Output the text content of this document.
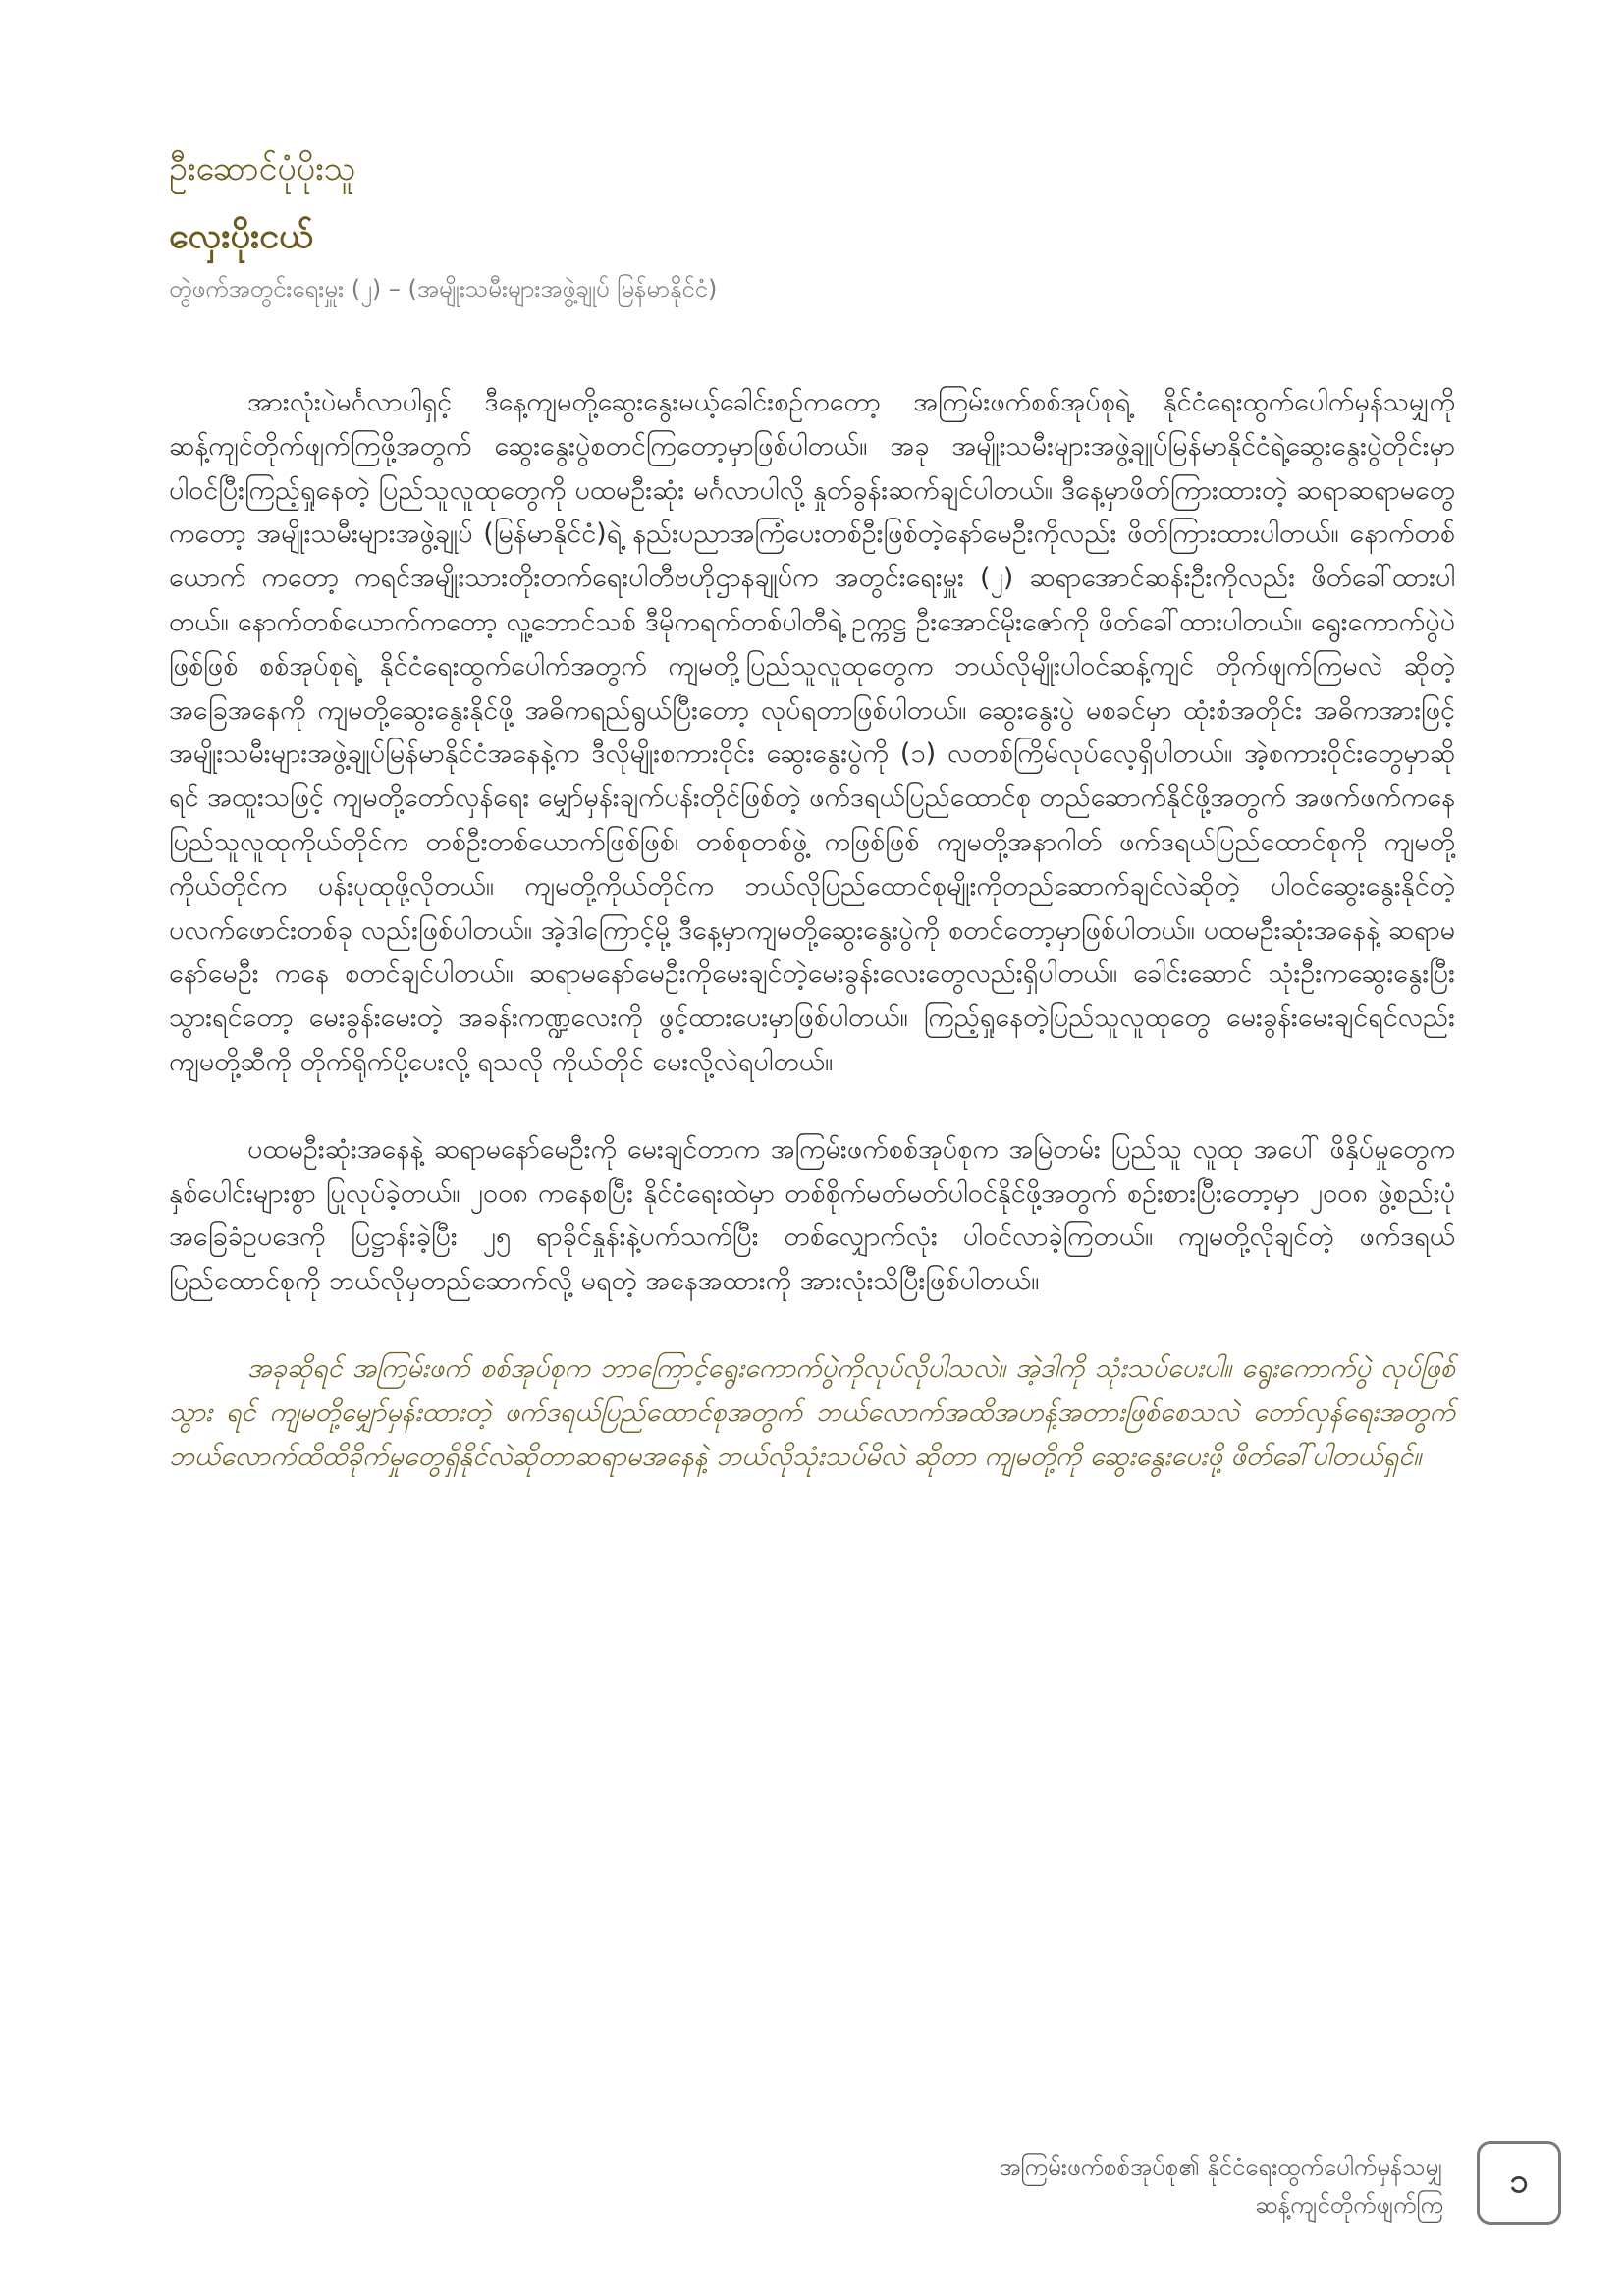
ဦးဆောင်ပုံပိုးသူ

လှေးပိုးငယ်

တွဲဖက်အတွင်းရေးမှူး (၂) – (အမျိုးသမီးများအဖွဲ့ချုပ် မြန်မာနိုင်ငံ)

အားလုံးပဲမင်္ဂလာပါရှင့် ဒီနေ့ကျမတို့ဆွေးနွေးမယ့်ခေါင်းစဉ်ကတော့ အကြမ်းဖက်စစ်အုပ်စုရဲ့ နိုင်ငံရေးထွက်ပေါက်မှန်သမျှကို ဆန့်ကျင်တိုက်ဖျက်ကြဖို့အတွက် ဆွေးနွေးပွဲစတင်ကြတော့မှာဖြစ်ပါတယ်။ အခု အမျိုးသမီးများအဖွဲ့ချုပ်မြန်မာနိုင်ငံရဲ့ဆွေးနွေးပွဲတိုင်းမှာ ပါဝင်ပြီးကြည့်ရှုနေတဲ့ ပြည်သူလူထုတွေကို ပထမဦးဆုံး မင်္ဂလာပါလို့ နှုတ်ခွန်းဆက်ချင်ပါတယ်။ ဒီနေ့မှာဖိတ်ကြားထားတဲ့ ဆရာဆရာမတွေကတော့ အမျိုးသမီးများအဖွဲ့ချုပ် (မြန်မာနိုင်ငံ)ရဲ့ နည်းပညာအကြံပေးတစ်ဦးဖြစ်တဲ့နော်မေဦးကိုလည်း ဖိတ်ကြားထားပါတယ်။ နောက်တစ်ယောက် ကတော့ ကရင်အမျိုးသားတိုးတက်ရေးပါတီဗဟိုဌာနချုပ်က အတွင်းရေးမှူး (၂) ဆရာအောင်ဆန်းဦးကိုလည်း ဖိတ်ခေါ်ထားပါတယ်။ နောက်တစ်ယောက်ကတော့ လူ့ဘောင်သစ် ဒီမိုကရက်တစ်ပါတီရဲ့ ဥက္ကဋ္ဌ ဦးအောင်မိုးဇော်ကို ဖိတ်ခေါ်ထားပါတယ်။ ရွေးကောက်ပွဲပဲဖြစ်ဖြစ် စစ်အုပ်စုရဲ့ နိုင်ငံရေးထွက်ပေါက်အတွက် ကျမတို့ပြည်သူလူထုတွေက ဘယ်လိုမျိုးပါဝင်ဆန့်ကျင် တိုက်ဖျက်ကြမလဲ ဆိုတဲ့အခြေအနေကို ကျမတို့ဆွေးနွေးနိုင်ဖို့ အဓိကရည်ရွယ်ပြီးတော့ လုပ်ရတာဖြစ်ပါတယ်။ ဆွေးနွေးပွဲ မစခင်မှာ ထုံးစံအတိုင်း အဓိကအားဖြင့် အမျိုးသမီးများအဖွဲ့ချုပ်မြန်မာနိုင်ငံအနေနဲ့က ဒီလိုမျိုးစကားဝိုင်း ဆွေးနွေးပွဲကို (၁) လတစ်ကြိမ်လုပ်လေ့ရှိပါတယ်။ အဲ့စကားဝိုင်းတွေမှာဆိုရင် အထူးသဖြင့် ကျမတို့တော်လှန်ရေး မျှော်မှန်းချက်ပန်းတိုင်ဖြစ်တဲ့ ဖက်ဒရယ်ပြည်ထောင်စု တည်ဆောက်နိုင်ဖို့အတွက် အဖက်ဖက်ကနေ ပြည်သူလူထုကိုယ်တိုင်က တစ်ဦးတစ်ယောက်ဖြစ်ဖြစ်၊ တစ်စုတစ်ဖွဲ့ ကဖြစ်ဖြစ် ကျမတို့အနာဂါတ် ဖက်ဒရယ်ပြည်ထောင်စုကို ကျမတို့ကိုယ်တိုင်က ပန်းပုထုဖို့လိုတယ်။ ကျမတို့ကိုယ်တိုင်က ဘယ်လိုပြည်ထောင်စုမျိုးကိုတည်ဆောက်ချင်လဲဆိုတဲ့ ပါဝင်ဆွေးနွေးနိုင်တဲ့ ပလက်ဖောင်းတစ်ခု လည်းဖြစ်ပါတယ်။ အဲ့ဒါကြောင့်မို့ ဒီနေ့မှာကျမတို့ဆွေးနွေးပွဲကို စတင်တော့မှာဖြစ်ပါတယ်။ ပထမဦးဆုံးအနေနဲ့ ဆရာမနော်မေဦး ကနေ စတင်ချင်ပါတယ်။ ဆရာမနော်မေဦးကိုမေးချင်တဲ့မေးခွန်းလေးတွေလည်းရှိပါတယ်။ ခေါင်းဆောင် သုံးဦးကဆွေးနွေးပြီးသွားရင်တော့ မေးခွန်းမေးတဲ့ အခန်းကဏ္ဍလေးကို ဖွင့်ထားပေးမှာဖြစ်ပါတယ်။ ကြည့်ရှုနေတဲ့ပြည်သူလူထုတွေ မေးခွန်းမေးချင်ရင်လည်း ကျမတို့ဆီကို တိုက်ရိုက်ပို့ပေးလို့ ရသလို ကိုယ်တိုင် မေးလို့လဲရပါတယ်။

ပထမဦးဆုံးအနေနဲ့ ဆရာမနော်မေဦးကို မေးချင်တာက အကြမ်းဖက်စစ်အုပ်စုက အမြဲတမ်း ပြည်သူ လူထု အပေါ် ဖိနှိပ်မှုတွေက နှစ်ပေါင်းများစွာ ပြုလုပ်ခဲ့တယ်။ ၂၀၀၈ ကနေစပြီး နိုင်ငံရေးထဲမှာ တစ်စိုက်မတ်မတ်ပါဝင်နိုင်ဖို့အတွက် စဉ်းစားပြီးတော့မှာ ၂၀၀၈ ဖွဲ့စည်းပုံ အခြေခံဥပဒေကို ပြဋ္ဌာန်းခဲ့ပြီး ၂၅ ရာခိုင်နှုန်းနဲ့ပက်သက်ပြီး တစ်လျှောက်လုံး ပါဝင်လာခဲ့ကြတယ်။ ကျမတို့လိုချင်တဲ့ ဖက်ဒရယ်ပြည်ထောင်စုကို ဘယ်လိုမှတည်ဆောက်လို့ မရတဲ့ အနေအထားကို အားလုံးသိပြီးဖြစ်ပါတယ်။

အခုဆိုရင် အကြမ်းဖက် စစ်အုပ်စုက ဘာကြောင့်ရွေးကောက်ပွဲကိုလုပ်လိုပါသလဲ။ အဲ့ဒါကို သုံးသပ်ပေးပါ။ ရွေးကောက်ပွဲ လုပ်ဖြစ်သွား ရင် ကျမတို့မျှော်မှန်းထားတဲ့ ဖက်ဒရယ်ပြည်ထောင်စုအတွက် ဘယ်လောက်အထိအဟန့်အတားဖြစ်စေသလဲ တော်လှန်ရေးအတွက်ဘယ်လောက်ထိထိခိုက်မှုတွေရှိနိုင်လဲဆိုတာဆရာမအနေနဲ့ ဘယ်လိုသုံးသပ်မိလဲ ဆိုတာ ကျမတို့ကို ဆွေးနွေးပေးဖို့ ဖိတ်ခေါ်ပါတယ်ရှင်။

အကြမ်းဖက်စစ်အုပ်စု၏ နိုင်ငံရေးထွက်ပေါက်မှန်သမျှ
ဆန့်ကျင်တိုက်ဖျက်ကြ
၁
